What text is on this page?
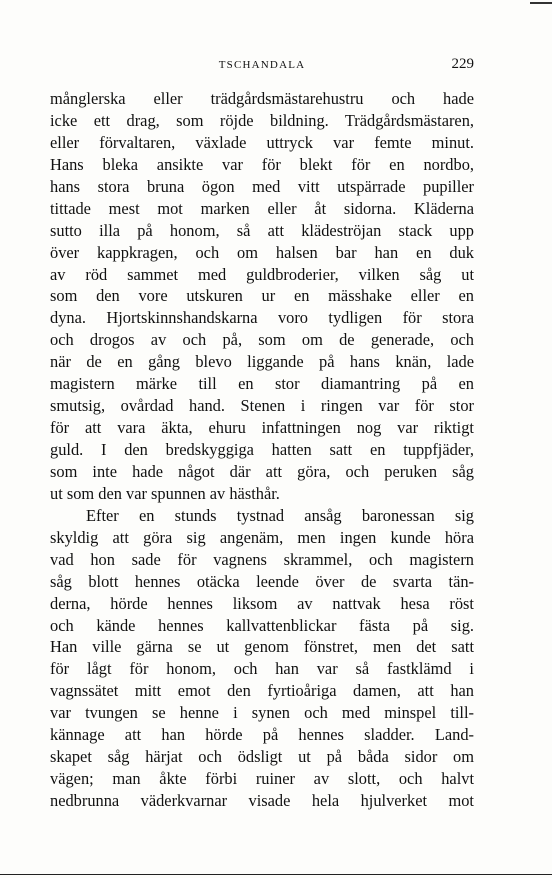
TSCHANDALA	229
månglerska eller trädgårdsmästarehustru och hade
icke ett drag, som röjde bildning. Trädgårdsmästaren,
eller förvaltaren, växlade uttryck var femte minut.
Hans bleka ansikte var för blekt för en nordbo,
hans stora bruna ögon med vitt utspärrade pupiller
tittade mest mot marken eller åt sidorna. Kläderna
sutto illa på honom, så att klädeströjan stack upp
över kappkragen, och om halsen bar han en duk
av röd sammet med guldbroderier, vilken såg ut
som den vore utskuren ur en mässhake eller en
dyna. Hjortskinnshandskarna voro tydligen för stora
och drogos av och på, som om de generade, och
när de en gång blevo liggande på hans knän, lade
magistern märke till en stor diamantring på en
smutsig, ovårdad hand. Stenen i ringen var för stor
för att vara äkta, ehuru infattningen nog var riktigt
guld. I den bredskyggiga hatten satt en tuppfjäder,
som inte hade något där att göra, och peruken såg
ut som den var spunnen av hästhår.
Efter en stunds tystnad ansåg baronessan sig
skyldig att göra sig angenäm, men ingen kunde höra
vad hon sade för vagnens skrammel, och magistern
såg blott hennes otäcka leende över de svarta tän-
derna, hörde hennes liksom av nattvak hesa röst
och kände hennes kallvattenblickar fästa på sig.
Han ville gärna se ut genom fönstret, men det satt
för lågt för honom, och han var så fastklämd i
vagnssätet mitt emot den fyrtioåriga damen, att han
var tvungen se henne i synen och med minspel till-
kännage att han hörde på hennes sladder. Land-
skapet såg härjat och ödsligt ut på båda sidor om
vägen; man åkte förbi ruiner av slott, och halvt
nedbrunna väderkvarnar visade hela hjulverket mot
